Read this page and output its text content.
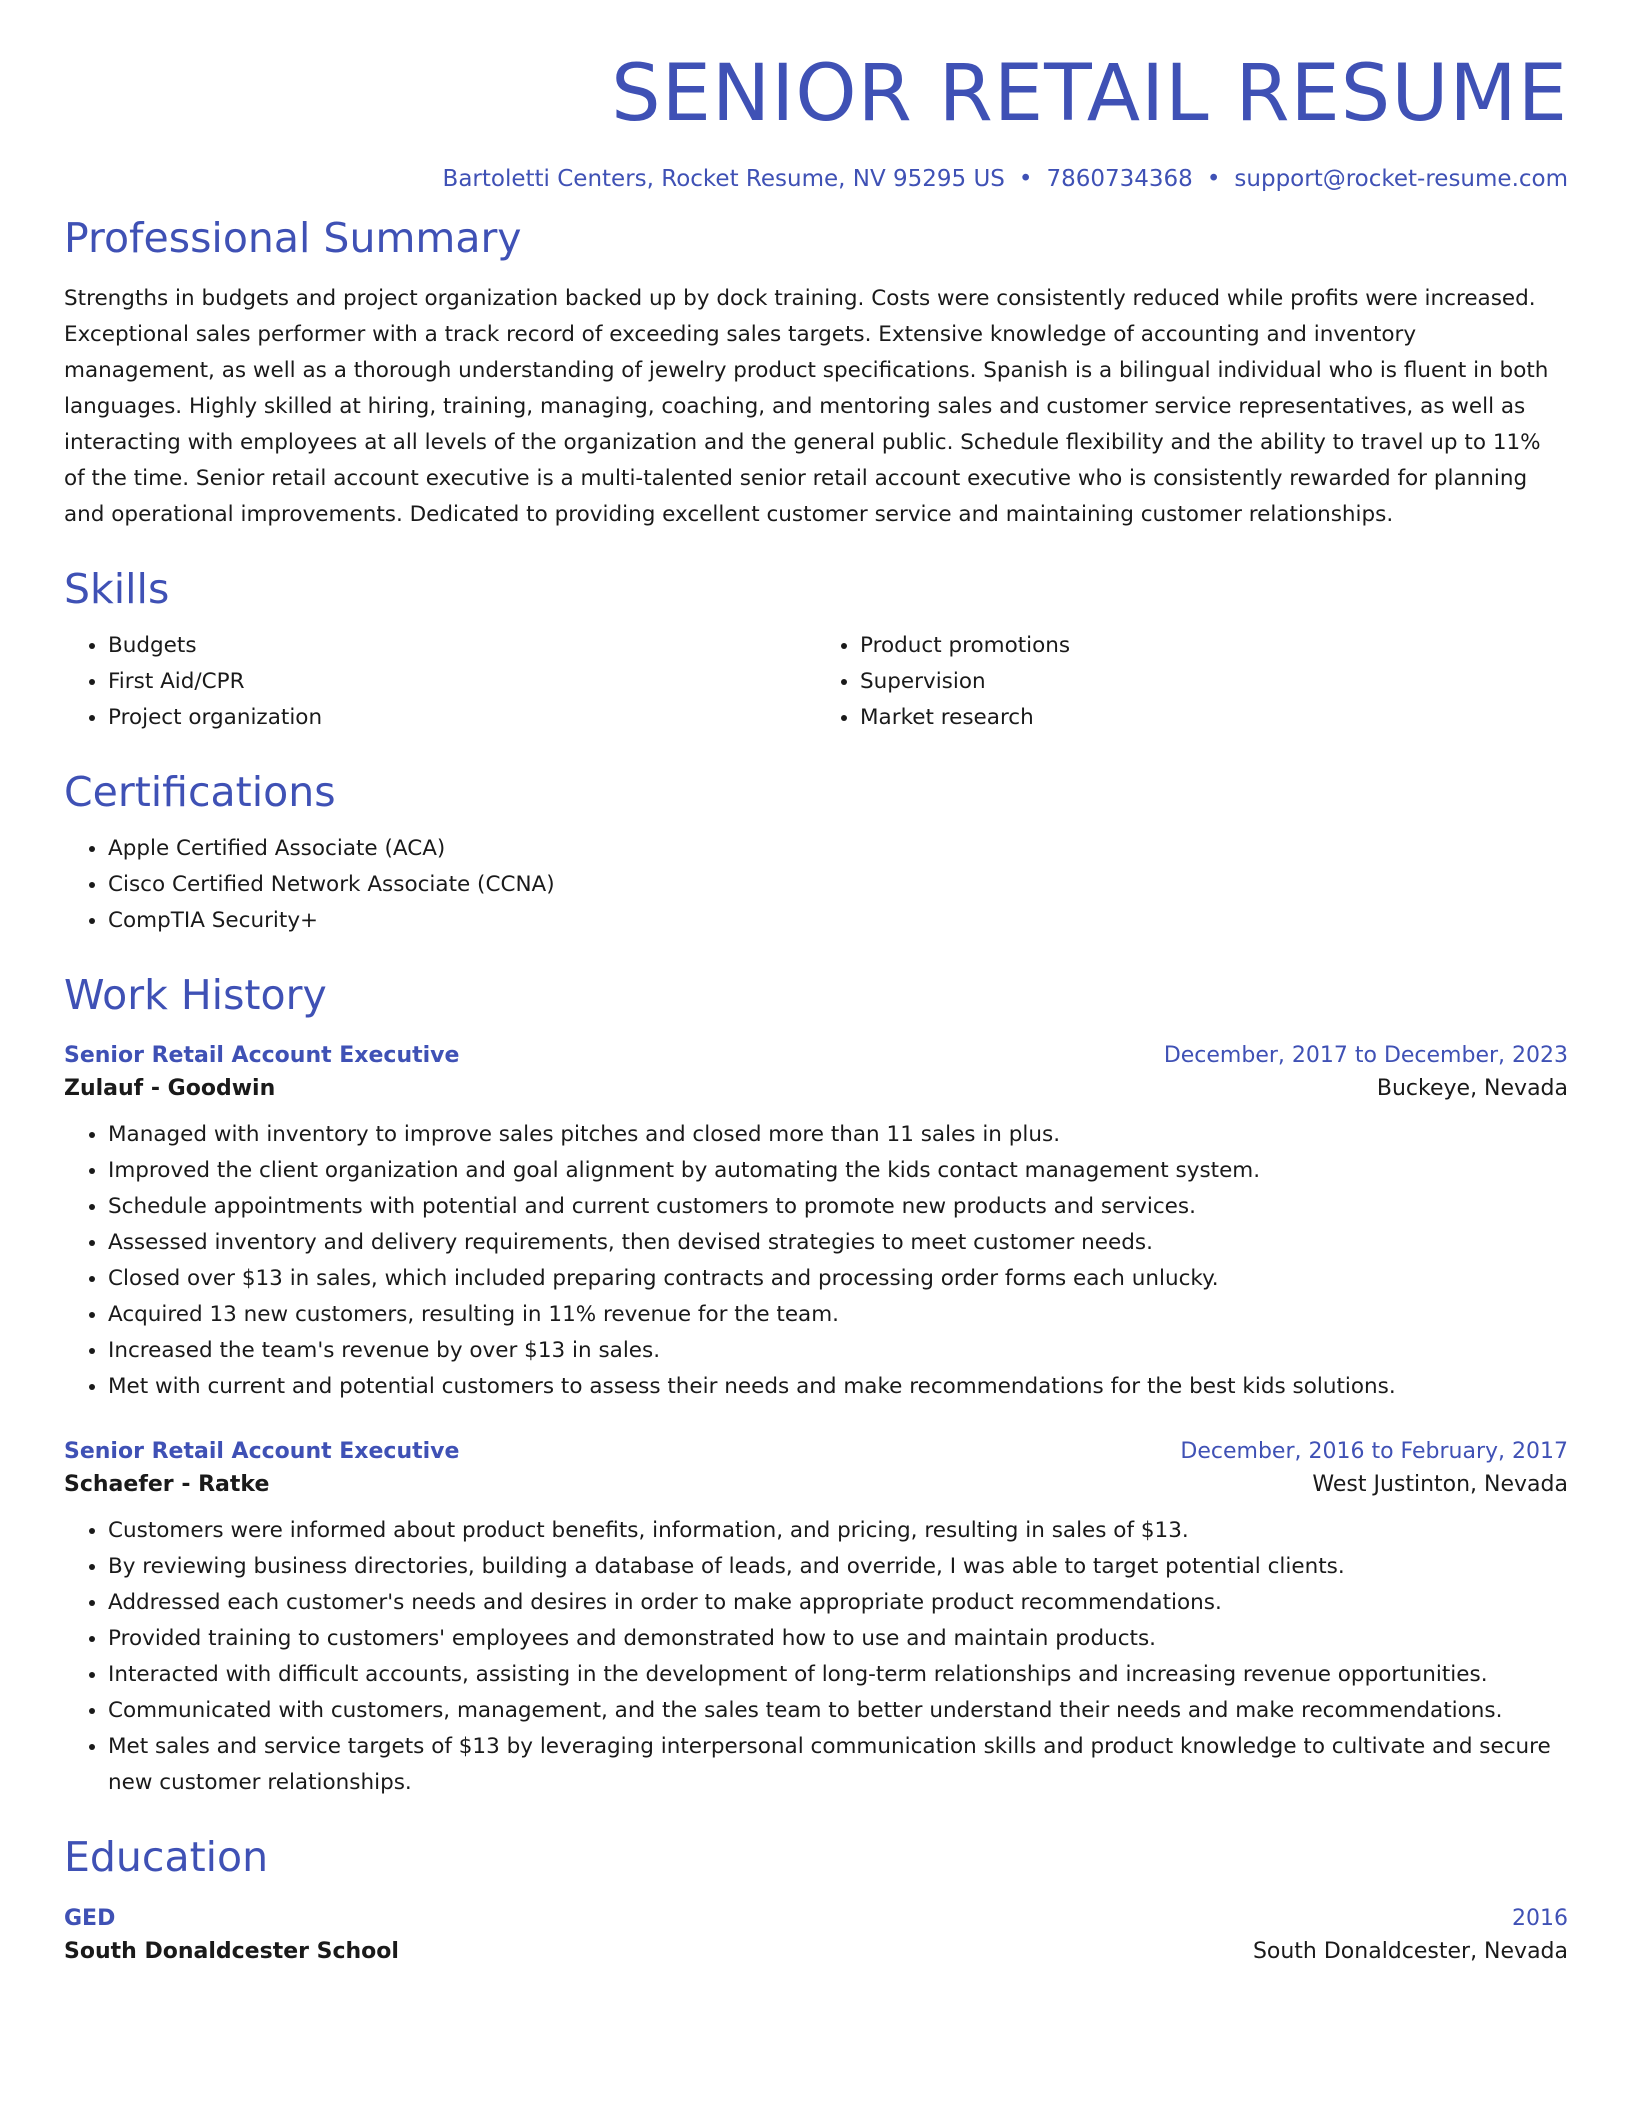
SENIOR RETAIL RESUME
Bartoletti Centers, Rocket Resume, NV 95295 US • 7860734368 • support@rocket-resume.com
Professional Summary

Strengths in budgets and project organization backed up by dock training. Costs were consistently reduced while profits were increased. Exceptional sales performer with a track record of exceeding sales targets. Extensive knowledge of accounting and inventory management, as well as a thorough understanding of jewelry product specifications. Spanish is a bilingual individual who is fluent in both languages. Highly skilled at hiring, training, managing, coaching, and mentoring sales and customer service representatives, as well as interacting with employees at all levels of the organization and the general public. Schedule flexibility and the ability to travel up to 11% of the time. Senior retail account executive is a multi-talented senior retail account executive who is consistently rewarded for planning and operational improvements. Dedicated to providing excellent customer service and maintaining customer relationships.

Skills
• Budgets
• First Aid/CPR
• Project organization
• Product promotions
• Supervision
• Market research
Certifications
• Apple Certified Associate (ACA)
• Cisco Certified Network Associate (CCNA)
• CompTIA Security+
Work History
Senior Retail Account Executive	December, 2017 to December, 2023
Zulauf - Goodwin	Buckeye, Nevada
• Managed with inventory to improve sales pitches and closed more than 11 sales in plus.
• Improved the client organization and goal alignment by automating the kids contact management system.
• Schedule appointments with potential and current customers to promote new products and services.
• Assessed inventory and delivery requirements, then devised strategies to meet customer needs.
• Closed over $13 in sales, which included preparing contracts and processing order forms each unlucky.
• Acquired 13 new customers, resulting in 11% revenue for the team.
• Increased the team's revenue by over $13 in sales.
• Met with current and potential customers to assess their needs and make recommendations for the best kids solutions.
Senior Retail Account Executive	December, 2016 to February, 2017
Schaefer - Ratke	West Justinton, Nevada
• Customers were informed about product benefits, information, and pricing, resulting in sales of $13.
• By reviewing business directories, building a database of leads, and override, I was able to target potential clients.
• Addressed each customer's needs and desires in order to make appropriate product recommendations.
• Provided training to customers' employees and demonstrated how to use and maintain products.
• Interacted with difficult accounts, assisting in the development of long-term relationships and increasing revenue opportunities.
• Communicated with customers, management, and the sales team to better understand their needs and make recommendations.
• Met sales and service targets of $13 by leveraging interpersonal communication skills and product knowledge to cultivate and secure new customer relationships.
Education
GED	2016
South Donaldcester School	South Donaldcester, Nevada
